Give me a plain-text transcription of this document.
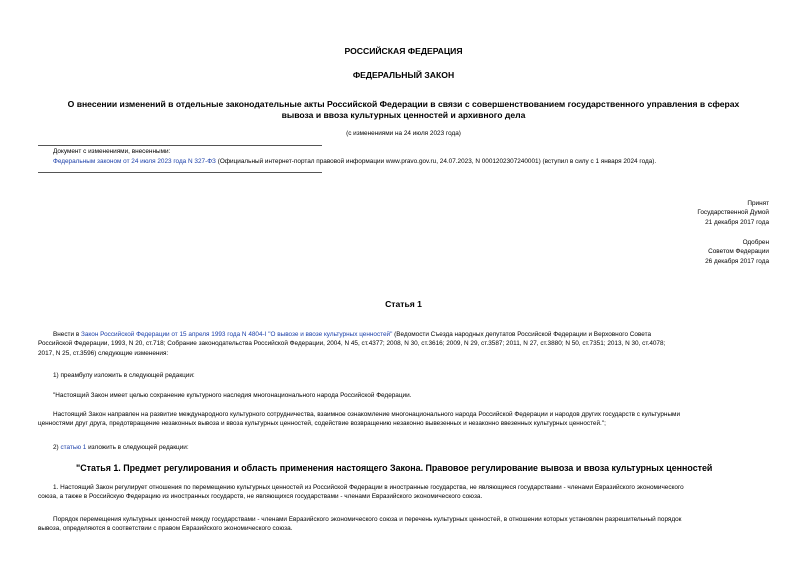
РОССИЙСКАЯ ФЕДЕРАЦИЯ
ФЕДЕРАЛЬНЫЙ ЗАКОН
О внесении изменений в отдельные законодательные акты Российской Федерации в связи с совершенствованием государственного управления в сферах
вывоза и ввоза культурных ценностей и архивного дела
(с изменениями на 24 июля 2023 года)
Документ с изменениями, внесенными:
Федеральным законом от 24 июля 2023 года N 327-ФЗ (Официальный интернет-портал правовой информации www.pravo.gov.ru, 24.07.2023, N 0001202307240001) (вступил в силу с 1 января 2024 года).
Принят
Государственной Думой
21 декабря 2017 года
Одобрен
Советом Федерации
26 декабря 2017 года
Статья 1
Внести в Закон Российской Федерации от 15 апреля 1993 года N 4804-I "О вывозе и ввозе культурных ценностей" (Ведомости Съезда народных депутатов Российской Федерации и Верховного Совета
Российской Федерации, 1993, N 20, ст.718; Собрание законодательства Российской Федерации, 2004, N 45, ст.4377; 2008, N 30, ст.3616; 2009, N 29, ст.3587; 2011, N 27, ст.3880; N 50, ст.7351; 2013, N 30, ст.4078;
2017, N 25, ст.3596) следующие изменения:
1) преамбулу изложить в следующей редакции:
"Настоящий Закон имеет целью сохранение культурного наследия многонационального народа Российской Федерации.
Настоящий Закон направлен на развитие международного культурного сотрудничества, взаимное ознакомление многонационального народа Российской Федерации и народов других государств с культурными
ценностями друг друга, предотвращение незаконных вывоза и ввоза культурных ценностей, содействие возвращению незаконно вывезенных и незаконно ввезенных культурных ценностей.";
2) статью 1 изложить в следующей редакции:
"Статья 1. Предмет регулирования и область применения настоящего Закона. Правовое регулирование вывоза и ввоза культурных ценностей
1. Настоящий Закон регулирует отношения по перемещению культурных ценностей из Российской Федерации в иностранные государства, не являющиеся государствами - членами Евразийского экономического
союза, а также в Российскую Федерацию из иностранных государств, не являющихся государствами - членами Евразийского экономического союза.
Порядок перемещения культурных ценностей между государствами - членами Евразийского экономического союза и перечень культурных ценностей, в отношении которых установлен разрешительный порядок
вывоза, определяются в соответствии с правом Евразийского экономического союза.
